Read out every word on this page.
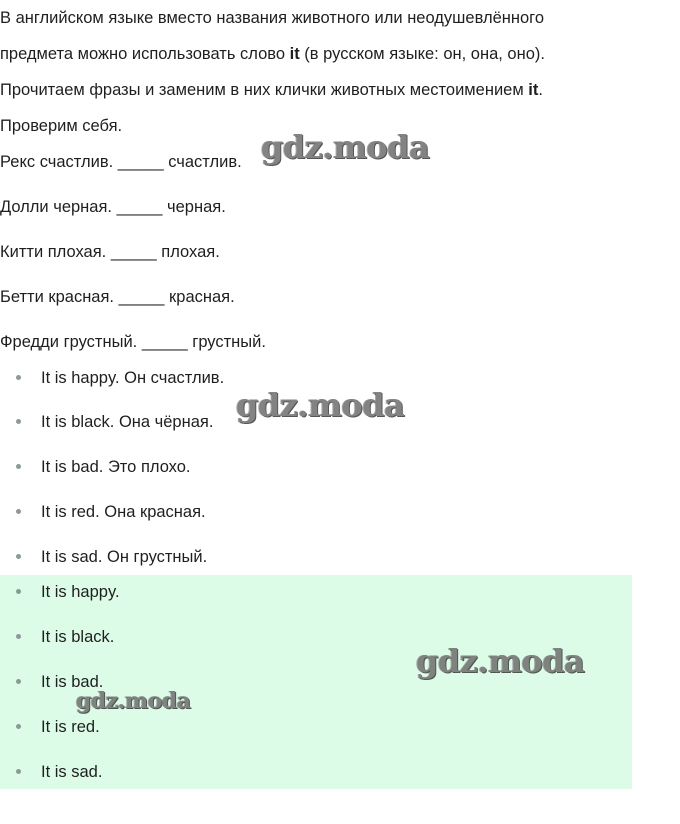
В английском языке вместо названия животного или неодушевлённого
предмета можно использовать слово it (в русском языке: он, она, оно).
Прочитаем фразы и заменим в них клички животных местоимением it.
Проверим себя.
Рекс счастлив. _____ счастлив.
Долли черная. _____ черная.
Китти плохая. _____ плохая.
Бетти красная. _____ красная.
Фредди грустный. _____ грустный.
It is happy. Он счастлив.
It is black. Она чёрная.
It is bad. Это плохо.
It is red. Она красная.
It is sad. Он грустный.
It is happy.
It is black.
It is bad.
It is red.
It is sad.
gdz.moda
gdz.moda
gdz.moda
gdz.moda
